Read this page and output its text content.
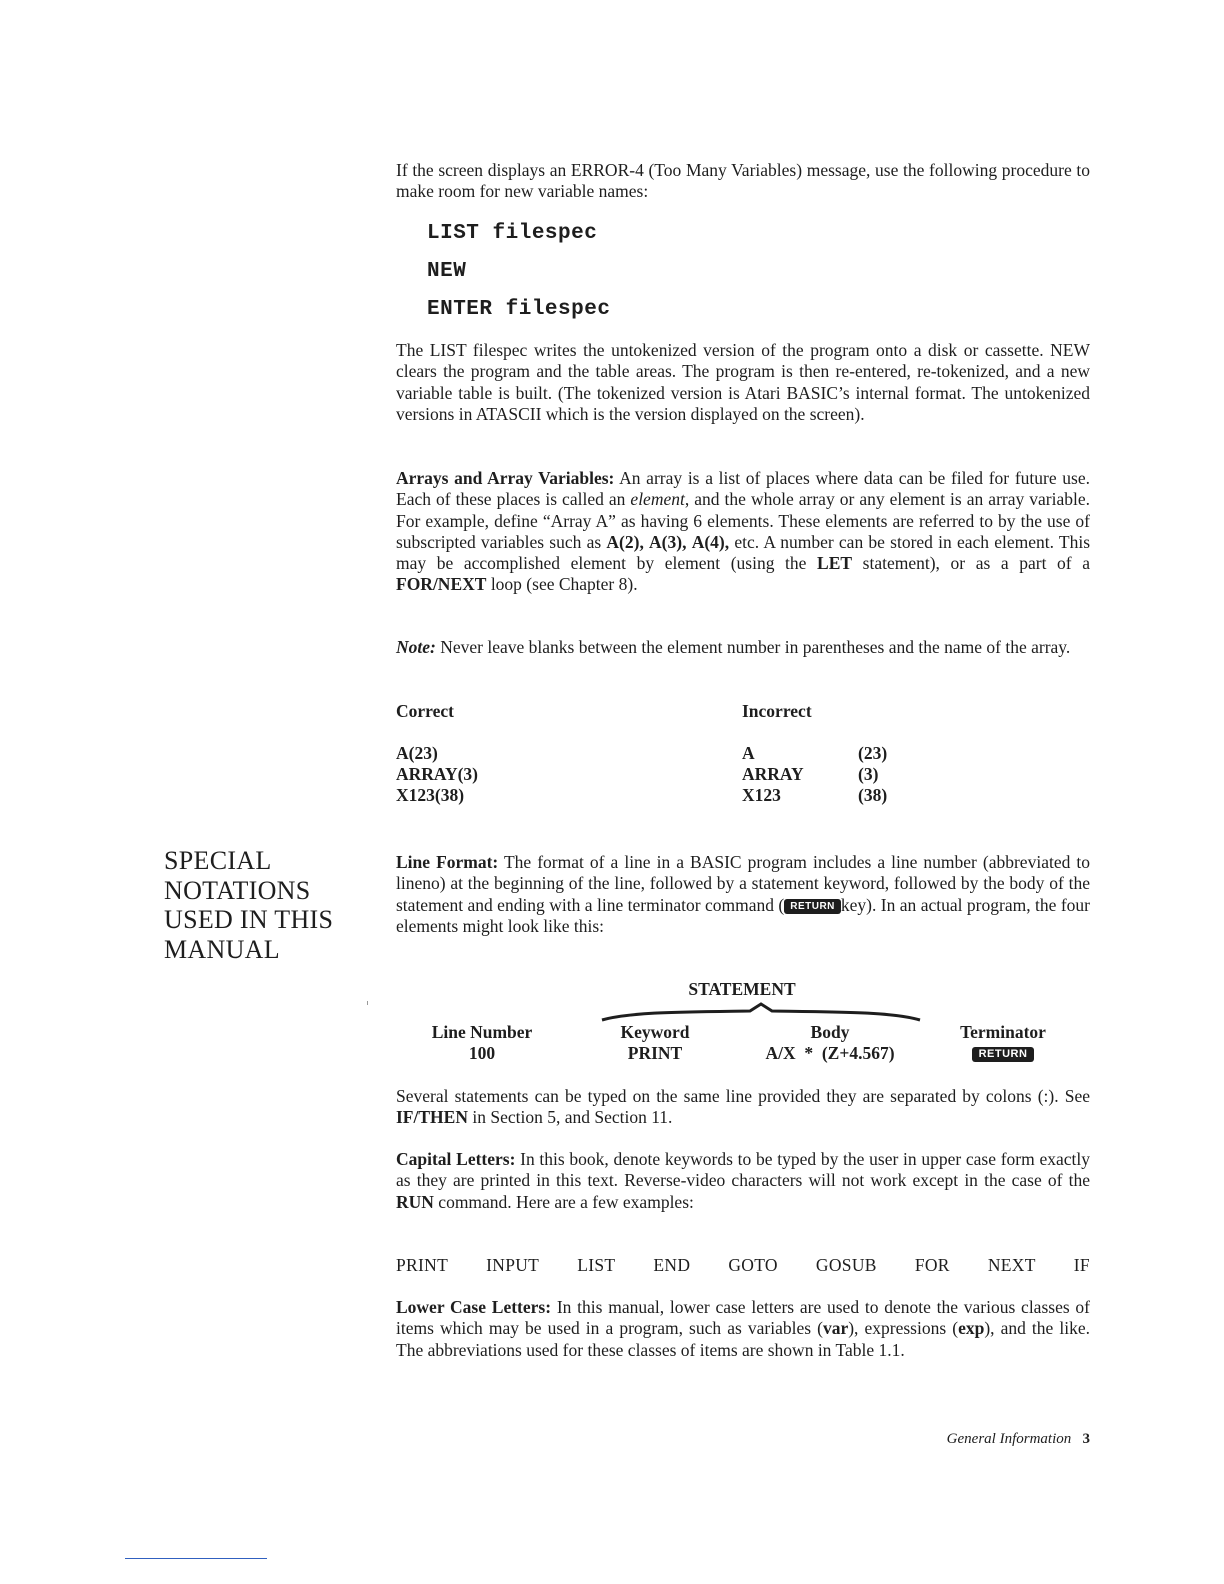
If the screen displays an ERROR-4 (Too Many Variables) message, use the following procedure to make room for new variable names:

LIST filespec
NEW
ENTER filespec

The LIST filespec writes the untokenized version of the program onto a disk or cassette. NEW clears the program and the table areas. The program is then re-entered, re-tokenized, and a new variable table is built. (The tokenized version is Atari BASIC’s internal format. The untokenized versions in ATASCII which is the version displayed on the screen).

Arrays and Array Variables: An array is a list of places where data can be filed for future use. Each of these places is called an element, and the whole array or any element is an array variable. For example, define “Array A” as having 6 elements. These elements are referred to by the use of subscripted variables such as A(2), A(3), A(4), etc. A number can be stored in each element. This may be accomplished element by element (using the LET statement), or as a part of a FOR/NEXT loop (see Chapter 8).

Note: Never leave blanks between the element number in parentheses and the name of the array.

Correct	Incorrect
A(23)
ARRAY(3)
X123(38)
A
ARRAY
X123
(23)
(3)
(38)
SPECIAL
NOTATIONS
USED IN THIS
MANUAL

Line Format: The format of a line in a BASIC program includes a line number (abbreviated to lineno) at the beginning of the line, followed by a statement keyword, followed by the body of the statement and ending with a line terminator command ( RETURN key). In an actual program, the four elements might look like this:

STATEMENT
Line Number
100
Keyword
PRINT
Body
A/X  *  (Z+4.567)
Terminator
RETURN

Several statements can be typed on the same line provided they are separated by colons (:). See IF/THEN in Section 5, and Section 11.

Capital Letters: In this book, denote keywords to be typed by the user in upper case form exactly as they are printed in this text. Reverse-video characters will not work except in the case of the RUN command. Here are a few examples:

PRINT INPUT LIST END GOTO GOSUB FOR NEXT IF

Lower Case Letters: In this manual, lower case letters are used to denote the various classes of items which may be used in a program, such as variables (var), expressions (exp), and the like. The abbreviations used for these classes of items are shown in Table 1.1.

General Information 3
